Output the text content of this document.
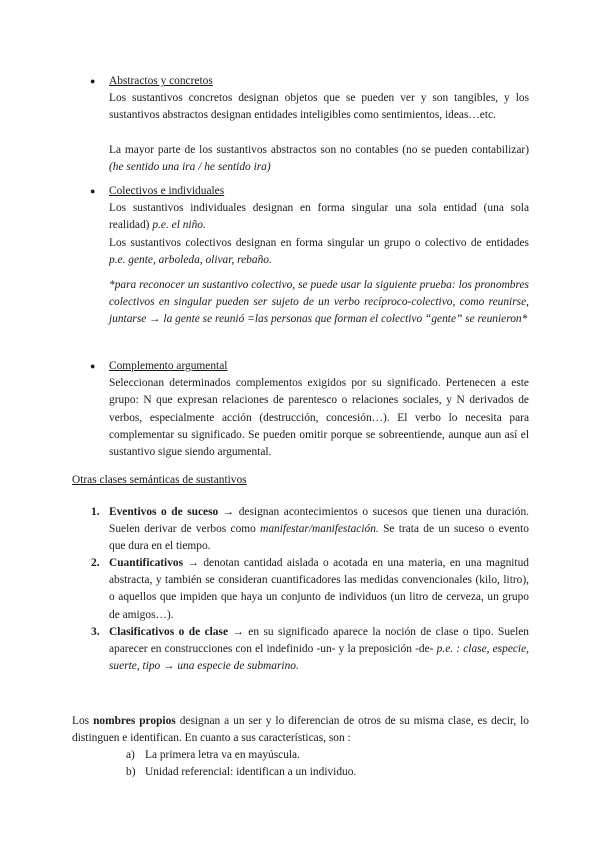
● Abstractos y concretos

Los sustantivos concretos designan objetos que se pueden ver y son tangibles, y los sustantivos abstractos designan entidades inteligibles como sentimientos, ideas…etc.

La mayor parte de los sustantivos abstractos son no contables (no se pueden contabilizar) (he sentido una ira / he sentido ira)

● Colectivos e individuales

Los sustantivos individuales designan en forma singular una sola entidad (una sola realidad) p.e. el niño.

Los sustantivos colectivos designan en forma singular un grupo o colectivo de entidades p.e. gente, arboleda, olivar, rebaño.

*para reconocer un sustantivo colectivo, se puede usar la siguiente prueba: los pronombres colectivos en singular pueden ser sujeto de un verbo recíproco-colectivo, como reunirse, juntarse → la gente se reunió =las personas que forman el colectivo “gente” se reunieron*

● Complemento argumental

Seleccionan determinados complementos exigidos por su significado. Pertenecen a este grupo: N que expresan relaciones de parentesco o relaciones sociales, y N derivados de verbos, especialmente acción (destrucción, concesión…). El verbo lo necesita para complementar su significado. Se pueden omitir porque se sobreentiende, aunque aun así el sustantivo sigue siendo argumental.

Otras clases semánticas de sustantivos
1. Eventivos o de suceso → designan acontecimientos o sucesos que tienen una duración. Suelen derivar de verbos como manifestar/manifestación. Se trata de un suceso o evento que dura en el tiempo.
2. Cuantificativos → denotan cantidad aislada o acotada en una materia, en una magnitud abstracta, y también se consideran cuantificadores las medidas convencionales (kilo, litro), o aquellos que impiden que haya un conjunto de individuos (un litro de cerveza, un grupo de amigos…).
3. Clasificativos o de clase → en su significado aparece la noción de clase o tipo. Suelen aparecer en construcciones con el indefinido -un- y la preposición -de- p.e. : clase, especie, suerte, tipo → una especie de submarino.
Los nombres propios designan a un ser y lo diferencian de otros de su misma clase, es decir, lo distinguen e identifican. En cuanto a sus características, son :
a) La primera letra va en mayúscula.
b) Unidad referencial: identifican a un individuo.
